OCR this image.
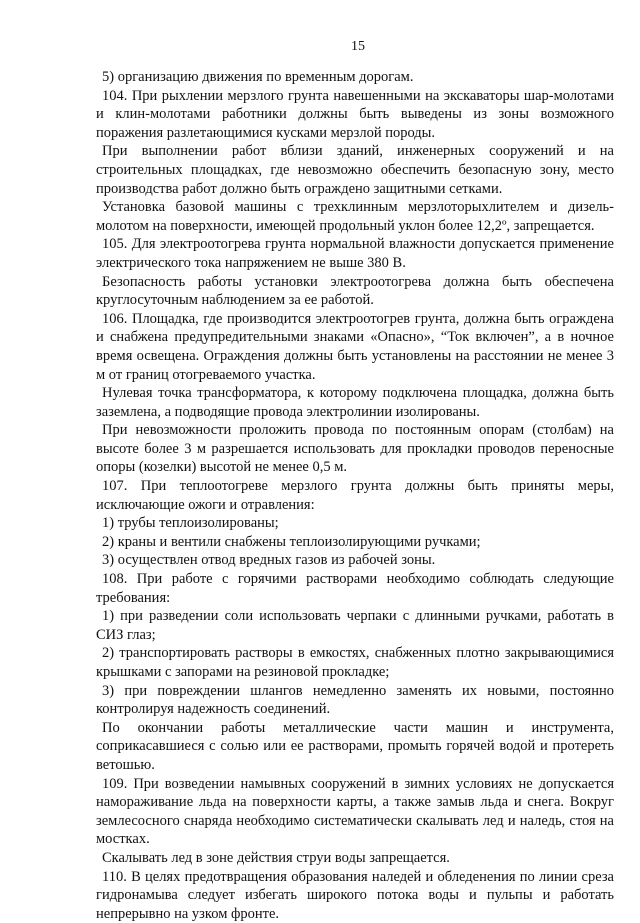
15

5) организацию движения по временным дорогам.

104. При рыхлении мерзлого грунта навешенными на экскаваторы шар-молотами и клин-молотами работники должны быть выведены из зоны возможного поражения разлетающимися кусками мерзлой породы.

При выполнении работ вблизи зданий, инженерных сооружений и на строительных площадках, где невозможно обеспечить безопасную зону, место производства работ должно быть ограждено защитными сетками.

Установка базовой машины с трехклинным мерзлоторыхлителем и дизель-молотом на поверхности, имеющей продольный уклон более 12,2º, запрещается.

105. Для электроотогрева грунта нормальной влажности допускается применение электрического тока напряжением не выше 380 В.

Безопасность работы установки электроотогрева должна быть обеспечена круглосуточным наблюдением за ее работой.

106. Площадка, где производится электроотогрев грунта, должна быть ограждена и снабжена предупредительными знаками «Опасно», “Ток включен”, а в ночное время освещена. Ограждения должны быть установлены на расстоянии не менее 3 м от границ отогреваемого участка.

Нулевая точка трансформатора, к которому подключена площадка, должна быть заземлена, а подводящие провода электролинии изолированы.

При невозможности проложить провода по постоянным опорам (столбам) на высоте более 3 м разрешается использовать для прокладки проводов переносные опоры (козелки) высотой не менее 0,5 м.

107. При теплоотогреве мерзлого грунта должны быть приняты меры, исключающие ожоги и отравления:

1) трубы теплоизолированы;

2) краны и вентили снабжены теплоизолирующими ручками;

3) осуществлен отвод вредных газов из рабочей зоны.

108. При работе с горячими растворами необходимо соблюдать следующие требования:

1) при разведении соли использовать черпаки с длинными ручками, работать в СИЗ глаз;

2) транспортировать растворы в емкостях, снабженных плотно закрывающимися крышками с запорами на резиновой прокладке;

3) при повреждении шлангов немедленно заменять их новыми, постоянно контролируя надежность соединений.

По окончании работы металлические части машин и инструмента, соприкасавшиеся с солью или ее растворами, промыть горячей водой и протереть ветошью.

109. При возведении намывных сооружений в зимних условиях не допускается намораживание льда на поверхности карты, а также замыв льда и снега. Вокруг землесосного снаряда необходимо систематически скалывать лед и наледь, стоя на мостках.

Скалывать лед в зоне действия струи воды запрещается.

110. В целях предотвращения образования наледей и обледенения по линии среза гидронамыва следует избегать широкого потока воды и пульпы и работать непрерывно на узком фронте.
